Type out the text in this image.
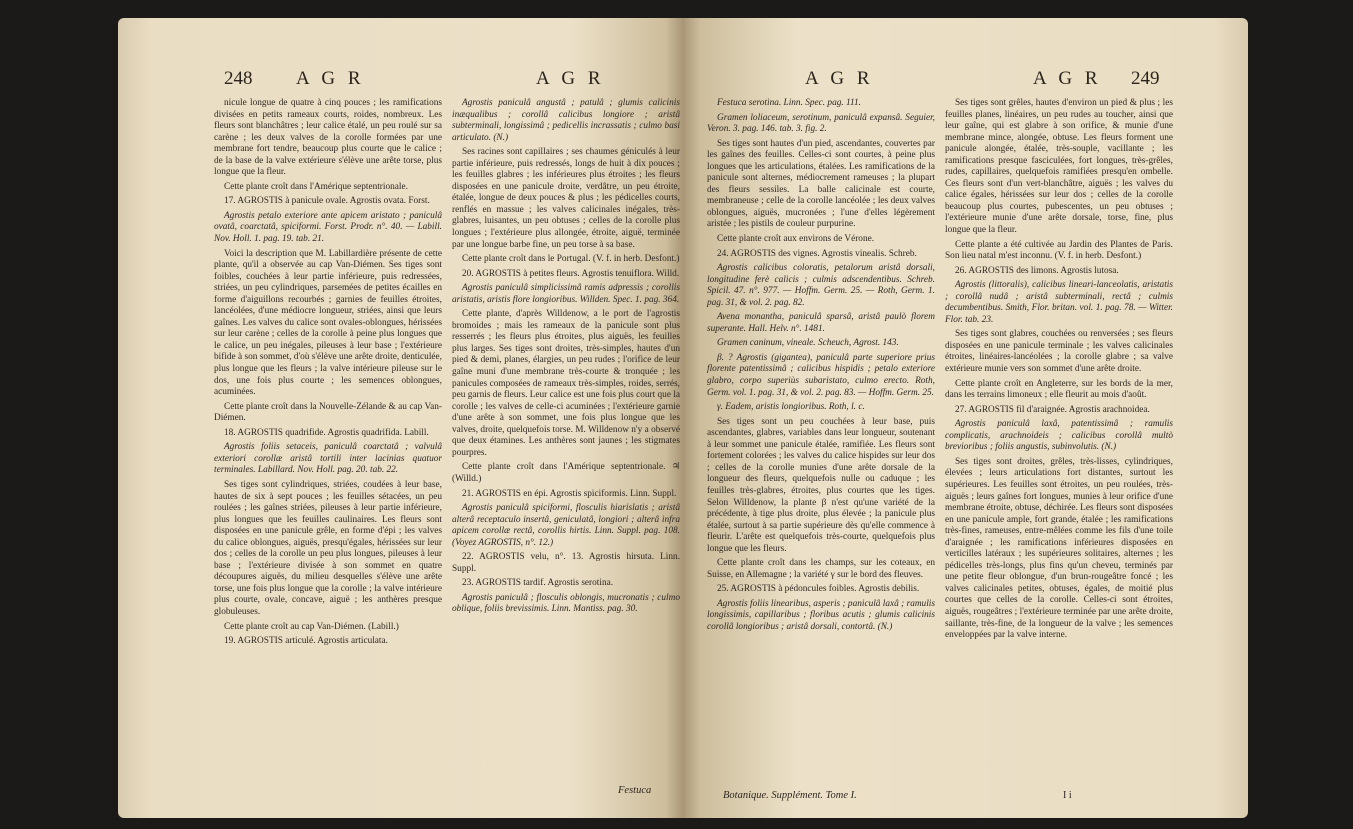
248 A G R	A G R

nicule longue de quatre à cinq pouces ; les ramifications divisées en petits rameaux courts, roides, nombreux. Les fleurs sont blanchâtres ; leur calice étalé, un peu roulé sur sa carène ; les deux valves de la corolle formées par une membrane fort tendre, beaucoup plus courte que le calice ; de la base de la valve extérieure s'élève une arête torse, plus longue que la fleur.

Cette plante croît dans l'Amérique septentrionale.

17. AGROSTIS à panicule ovale. Agrostis ovata. Forst.

Agrostis petalo exteriore ante apicem aristato ; paniculâ ovatâ, coarctatâ, spiciformi. Forst. Prodr. n°. 40. — Labill. Nov. Holl. 1. pag. 19. tab. 21.

Voici la description que M. Labillardière présente de cette plante, qu'il a observée au cap Van-Diémen. Ses tiges sont foibles, couchées à leur partie inférieure, puis redressées, striées, un peu cylindriques, parsemées de petites écailles en forme d'aiguillons recourbés ; garnies de feuilles étroites, lancéolées, d'une médiocre longueur, striées, ainsi que leurs gaînes. Les valves du calice sont ovales-oblongues, hérissées sur leur carène ; celles de la corolle à peine plus longues que le calice, un peu inégales, pileuses à leur base ; l'extérieure bifide à son sommet, d'où s'élève une arête droite, denticulée, plus longue que les fleurs ; la valve intérieure pileuse sur le dos, une fois plus courte ; les semences oblongues, acuminées.

Cette plante croît dans la Nouvelle-Zélande & au cap Van-Diémen.

18. AGROSTIS quadrifide. Agrostis quadrifida. Labill.

Agrostis foliis setaceis, paniculâ coarctatâ ; valvulâ exteriori corollæ aristâ tortili inter lacinias quatuor terminales. Labillard. Nov. Holl. pag. 20. tab. 22.

Ses tiges sont cylindriques, striées, coudées à leur base, hautes de six à sept pouces ; les feuilles sétacées, un peu roulées ; les gaînes striées, pileuses à leur partie inférieure, plus longues que les feuilles caulinaires. Les fleurs sont disposées en une panicule grêle, en forme d'épi ; les valves du calice oblongues, aiguës, presqu'égales, hérissées sur leur dos ; celles de la corolle un peu plus longues, pileuses à leur base ; l'extérieure divisée à son sommet en quatre découpures aiguës, du milieu desquelles s'élève une arête torse, une fois plus longue que la corolle ; la valve intérieure plus courte, ovale, concave, aiguë ; les anthères presque globuleuses.

Cette plante croît au cap Van-Diémen. (Labill.)

19. AGROSTIS articulé. Agrostis articulata.

Agrostis paniculâ angustâ ; patulâ ; glumis calicinis inæqualibus ; corollâ calicibus longiore ; aristâ subterminali, longissimâ ; pedicellis incrassatis ; culmo basi articulato. (N.)

Ses racines sont capillaires ; ses chaumes géniculés à leur partie inférieure, puis redressés, longs de huit à dix pouces ; les feuilles glabres ; les inférieures plus étroites ; les fleurs disposées en une panicule droite, verdâtre, un peu étroite, étalée, longue de deux pouces & plus ; les pédicelles courts, renflés en massue ; les valves calicinales inégales, très-glabres, luisantes, un peu obtuses ; celles de la corolle plus longues ; l'extérieure plus allongée, étroite, aiguë, terminée par une longue barbe fine, un peu torse à sa base.

Cette plante croît dans le Portugal. (V. f. in herb. Desfont.)

20. AGROSTIS à petites fleurs. Agrostis tenuiflora. Willd.

Agrostis paniculâ simplicissimâ ramis adpressis ; corollis aristatis, aristis flore longioribus. Willden. Spec. 1. pag. 364.

Cette plante, d'après Willdenow, a le port de l'agrostis bromoides ; mais les rameaux de la panicule sont plus resserrés ; les fleurs plus étroites, plus aiguës, les feuilles plus larges. Ses tiges sont droites, très-simples, hautes d'un pied & demi, planes, élargies, un peu rudes ; l'orifice de leur gaîne muni d'une membrane très-courte & tronquée ; les panicules composées de rameaux très-simples, roides, serrés, peu garnis de fleurs. Leur calice est une fois plus court que la corolle ; les valves de celle-ci acuminées ; l'extérieure garnie d'une arête à son sommet, une fois plus longue que les valves, droite, quelquefois torse. M. Willdenow n'y a observé que deux étamines. Les anthères sont jaunes ; les stigmates pourpres.

Cette plante croît dans l'Amérique septentrionale. ♃ (Willd.)

21. AGROSTIS en épi. Agrostis spiciformis. Linn. Suppl.

Agrostis paniculâ spiciformi, flosculis hiarislatis ; aristâ alterâ receptaculo insertâ, geniculatâ, longiori ; alterâ infra apicem corollæ rectâ, corollis hirtis. Linn. Suppl. pag. 108. (Voyez AGROSTIS, n°. 12.)

22. AGROSTIS velu, n°. 13. Agrostis hirsuta. Linn. Suppl.

23. AGROSTIS tardif. Agrostis serotina.

Agrostis paniculâ ; flosculis oblongis, mucronatis ; culmo oblique, foliis brevissimis. Linn. Mantiss. pag. 30.

Festuca
A G R	A G R 249

Festuca serotina. Linn. Spec. pag. 111.

Gramen loliaceum, serotinum, paniculâ expansâ. Seguier, Veron. 3. pag. 146. tab. 3. fig. 2.

Ses tiges sont hautes d'un pied, ascendantes, couvertes par les gaînes des feuilles. Celles-ci sont courtes, à peine plus longues que les articulations, étalées. Les ramifications de la panicule sont alternes, médiocrement rameuses ; la plupart des fleurs sessiles. La balle calicinale est courte, membraneuse ; celle de la corolle lancéolée ; les deux valves oblongues, aiguës, mucronées ; l'une d'elles légèrement aristée ; les pistils de couleur purpurine.

Cette plante croît aux environs de Vérone.

24. AGROSTIS des vignes. Agrostis vinealis. Schreb.

Agrostis calicibus coloratis, petalorum aristâ dorsali, longitudine ferè calicis ; culmis adscendentibus. Schreb. Spicil. 47. n°. 977. — Hoffm. Germ. 25. — Roth, Germ. 1. pag. 31, & vol. 2. pag. 82.

Avena monantha, paniculâ sparsâ, aristâ paulò florem superante. Hall. Helv. n°. 1481.

Gramen caninum, vineale. Scheuch, Agrost. 143.

β. ? Agrostis (gigantea), paniculâ parte superiore prius florente patentissimâ ; calicibus hispidis ; petalo exteriore glabro, corpo superiùs subaristato, culmo erecto. Roth, Germ. vol. 1. pag. 31, & vol. 2. pag. 83. — Hoffm. Germ. 25.

γ. Eadem, aristis longioribus. Roth, l. c.

Ses tiges sont un peu couchées à leur base, puis ascendantes, glabres, variables dans leur longueur, soutenant à leur sommet une panicule étalée, ramifiée. Les fleurs sont fortement colorées ; les valves du calice hispides sur leur dos ; celles de la corolle munies d'une arête dorsale de la longueur des fleurs, quelquefois nulle ou caduque ; les feuilles très-glabres, étroites, plus courtes que les tiges. Selon Willdenow, la plante β n'est qu'une variété de la précédente, à tige plus droite, plus élevée ; la panicule plus étalée, surtout à sa partie supérieure dès qu'elle commence à fleurir. L'arête est quelquefois très-courte, quelquefois plus longue que les fleurs.

Cette plante croît dans les champs, sur les coteaux, en Suisse, en Allemagne ; la variété γ sur le bord des fleuves.

25. AGROSTIS à pédoncules foibles. Agrostis debilis.

Agrostis foliis linearibus, asperis ; paniculâ laxâ ; ramulis longissimis, capillaribus ; floribus acutis ; glumis calicinis corollâ longioribus ; aristâ dorsali, contortâ. (N.)

Ses tiges sont grêles, hautes d'environ un pied & plus ; les feuilles planes, linéaires, un peu rudes au toucher, ainsi que leur gaîne, qui est glabre à son orifice, & munie d'une membrane mince, alongée, obtuse. Les fleurs forment une panicule alongée, étalée, très-souple, vacillante ; les ramifications presque fasciculées, fort longues, très-grêles, rudes, capillaires, quelquefois ramifiées presqu'en ombelle. Ces fleurs sont d'un vert-blanchâtre, aiguës ; les valves du calice égales, hérissées sur leur dos ; celles de la corolle beaucoup plus courtes, pubescentes, un peu obtuses ; l'extérieure munie d'une arête dorsale, torse, fine, plus longue que la fleur.

Cette plante a été cultivée au Jardin des Plantes de Paris. Son lieu natal m'est inconnu. (V. f. in herb. Desfont.)

26. AGROSTIS des limons. Agrostis lutosa.

Agrostis (littoralis), calicibus lineari-lanceolatis, aristatis ; corollâ nudâ ; aristâ subterminali, rectâ ; culmis decumbentibus. Smith, Flor. britan. vol. 1. pag. 78. — Witter. Flor. tab. 23.

Ses tiges sont glabres, couchées ou renversées ; ses fleurs disposées en une panicule terminale ; les valves calicinales étroites, linéaires-lancéolées ; la corolle glabre ; sa valve extérieure munie vers son sommet d'une arête droite.

Cette plante croît en Angleterre, sur les bords de la mer, dans les terrains limoneux ; elle fleurit au mois d'août.

27. AGROSTIS fil d'araignée. Agrostis arachnoidea.

Agrostis paniculâ laxâ, patentissimâ ; ramulis complicatis, arachnoideis ; calicibus corollâ multò brevioribus ; foliis angustis, subinvolutis. (N.)

Ses tiges sont droites, grêles, très-lisses, cylindriques, élevées ; leurs articulations fort distantes, surtout les supérieures. Les feuilles sont étroites, un peu roulées, très-aiguës ; leurs gaînes fort longues, munies à leur orifice d'une membrane étroite, obtuse, déchirée. Les fleurs sont disposées en une panicule ample, fort grande, étalée ; les ramifications très-fines, rameuses, entre-mêlées comme les fils d'une toile d'araignée ; les ramifications inférieures disposées en verticilles latéraux ; les supérieures solitaires, alternes ; les pédicelles très-longs, plus fins qu'un cheveu, terminés par une petite fleur oblongue, d'un brun-rougeâtre foncé ; les valves calicinales petites, obtuses, égales, de moitié plus courtes que celles de la corolle. Celles-ci sont étroites, aiguës, rougeâtres ; l'extérieure terminée par une arête droite, saillante, très-fine, de la longueur de la valve ; les semences enveloppées par la valve interne.

Botanique. Supplément. Tome I.	I i
